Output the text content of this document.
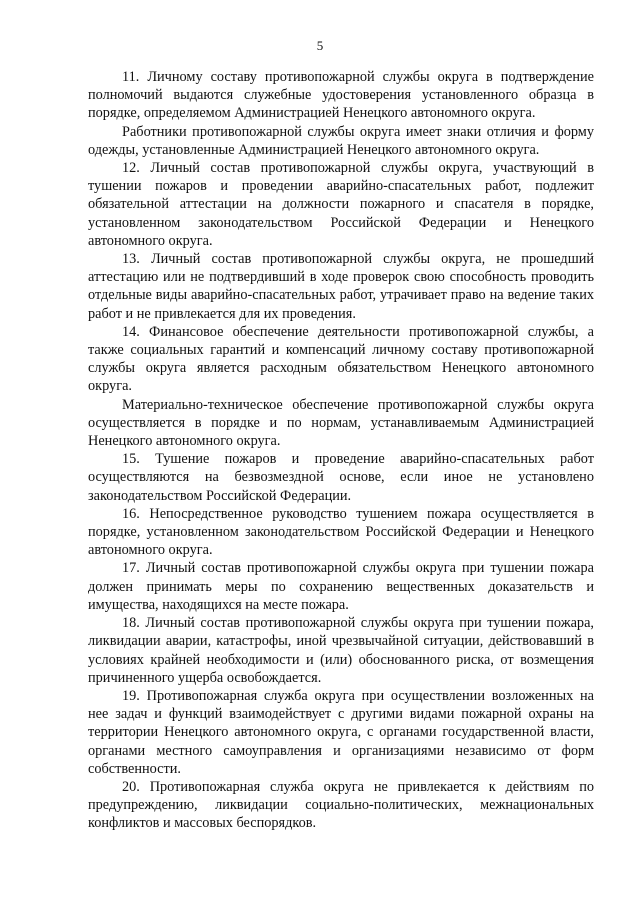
5

11. Личному составу противопожарной службы округа в подтверждение полномочий выдаются служебные удостоверения установленного образца в порядке, определяемом Администрацией Ненецкого автономного округа.

Работники противопожарной службы округа имеет знаки отличия и форму одежды, установленные Администрацией Ненецкого автономного округа.

12. Личный состав противопожарной службы округа, участвующий в тушении пожаров и проведении аварийно-спасательных работ, подлежит обязательной аттестации на должности пожарного и спасателя в порядке, установленном законодательством Российской Федерации и Ненецкого автономного округа.

13. Личный состав противопожарной службы округа, не прошедший аттестацию или не подтвердивший в ходе проверок свою способность проводить отдельные виды аварийно-спасательных работ, утрачивает право на ведение таких работ и не привлекается для их проведения.

14. Финансовое обеспечение деятельности противопожарной службы, а также социальных гарантий и компенсаций личному составу противопожарной службы округа является расходным обязательством Ненецкого автономного округа.

Материально-техническое обеспечение противопожарной службы округа осуществляется в порядке и по нормам, устанавливаемым Администрацией Ненецкого автономного округа.

15. Тушение пожаров и проведение аварийно-спасательных работ осуществляются на безвозмездной основе, если иное не установлено законодательством Российской Федерации.

16. Непосредственное руководство тушением пожара осуществляется в порядке, установленном законодательством Российской Федерации и Ненецкого автономного округа.

17. Личный состав противопожарной службы округа при тушении пожара должен принимать меры по сохранению вещественных доказательств и имущества, находящихся на месте пожара.

18. Личный состав противопожарной службы округа при тушении пожара, ликвидации аварии, катастрофы, иной чрезвычайной ситуации, действовавший в условиях крайней необходимости и (или) обоснованного риска, от возмещения причиненного ущерба освобождается.

19. Противопожарная служба округа при осуществлении возложенных на нее задач и функций взаимодействует с другими видами пожарной охраны на территории Ненецкого автономного округа, с органами государственной власти, органами местного самоуправления и организациями независимо от форм собственности.

20. Противопожарная служба округа не привлекается к действиям по предупреждению, ликвидации социально-политических, межнациональных конфликтов и массовых беспорядков.
